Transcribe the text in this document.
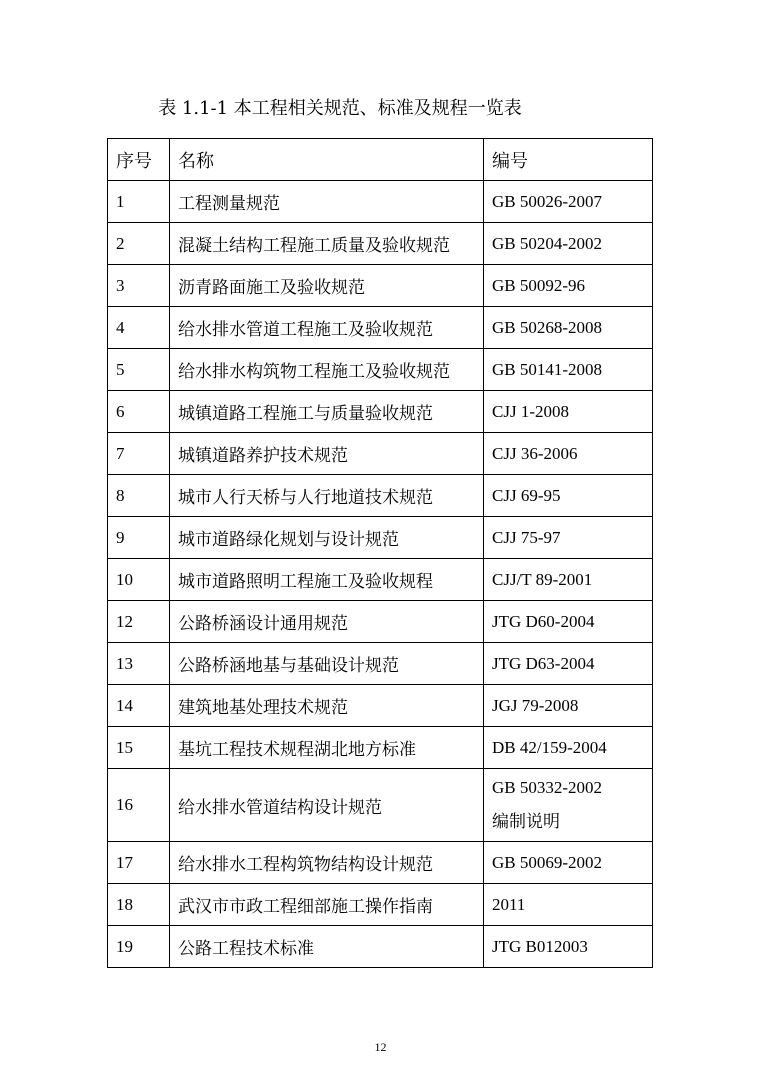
表 1.1-1 本工程相关规范、标准及规程一览表
序号	名称	编号
1	工程测量规范	GB 50026-2007
2	混凝土结构工程施工质量及验收规范	GB 50204-2002
3	沥青路面施工及验收规范	GB 50092-96
4	给水排水管道工程施工及验收规范	GB 50268-2008
5	给水排水构筑物工程施工及验收规范	GB 50141-2008
6	城镇道路工程施工与质量验收规范	CJJ 1-2008
7	城镇道路养护技术规范	CJJ 36-2006
8	城市人行天桥与人行地道技术规范	CJJ 69-95
9	城市道路绿化规划与设计规范	CJJ 75-97
10	城市道路照明工程施工及验收规程	CJJ/T 89-2001
12	公路桥涵设计通用规范	JTG D60-2004
13	公路桥涵地基与基础设计规范	JTG D63-2004
14	建筑地基处理技术规范	JGJ 79-2008
15	基坑工程技术规程湖北地方标准	DB 42/159-2004
16	给水排水管道结构设计规范	GB 50332-2002
编制说明

17	给水排水工程构筑物结构设计规范	GB 50069-2002
18	武汉市市政工程细部施工操作指南	2011
19	公路工程技术标准	JTG B012003
12
